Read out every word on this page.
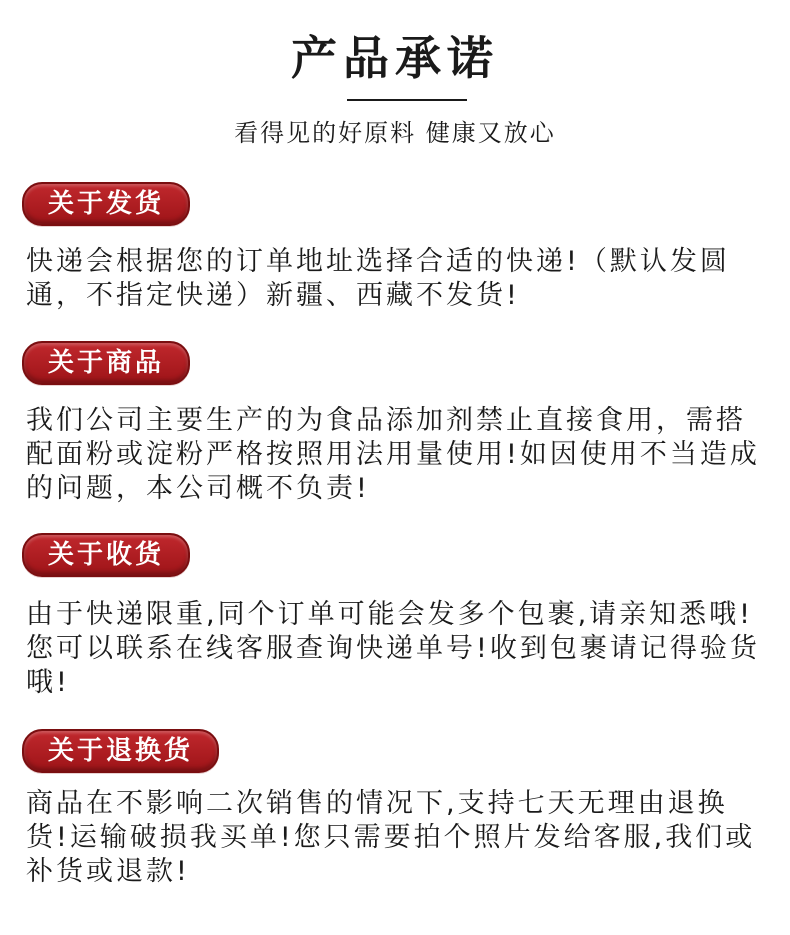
产品承诺
看得见的好原料 健康又放心
关于发货

快递会根据您的订单地址选择合适的快递!（默认发圆通，不指定快递）新疆、西藏不发货!

关于商品

我们公司主要生产的为食品添加剂禁止直接食用，需搭配面粉或淀粉严格按照用法用量使用!如因使用不当造成的问题，本公司概不负责!

关于收货

由于快递限重,同个订单可能会发多个包裹,请亲知悉哦!您可以联系在线客服查询快递单号!收到包裹请记得验货哦!

关于退换货

商品在不影响二次销售的情况下,支持七天无理由退换货!运输破损我买单!您只需要拍个照片发给客服,我们或补货或退款!
